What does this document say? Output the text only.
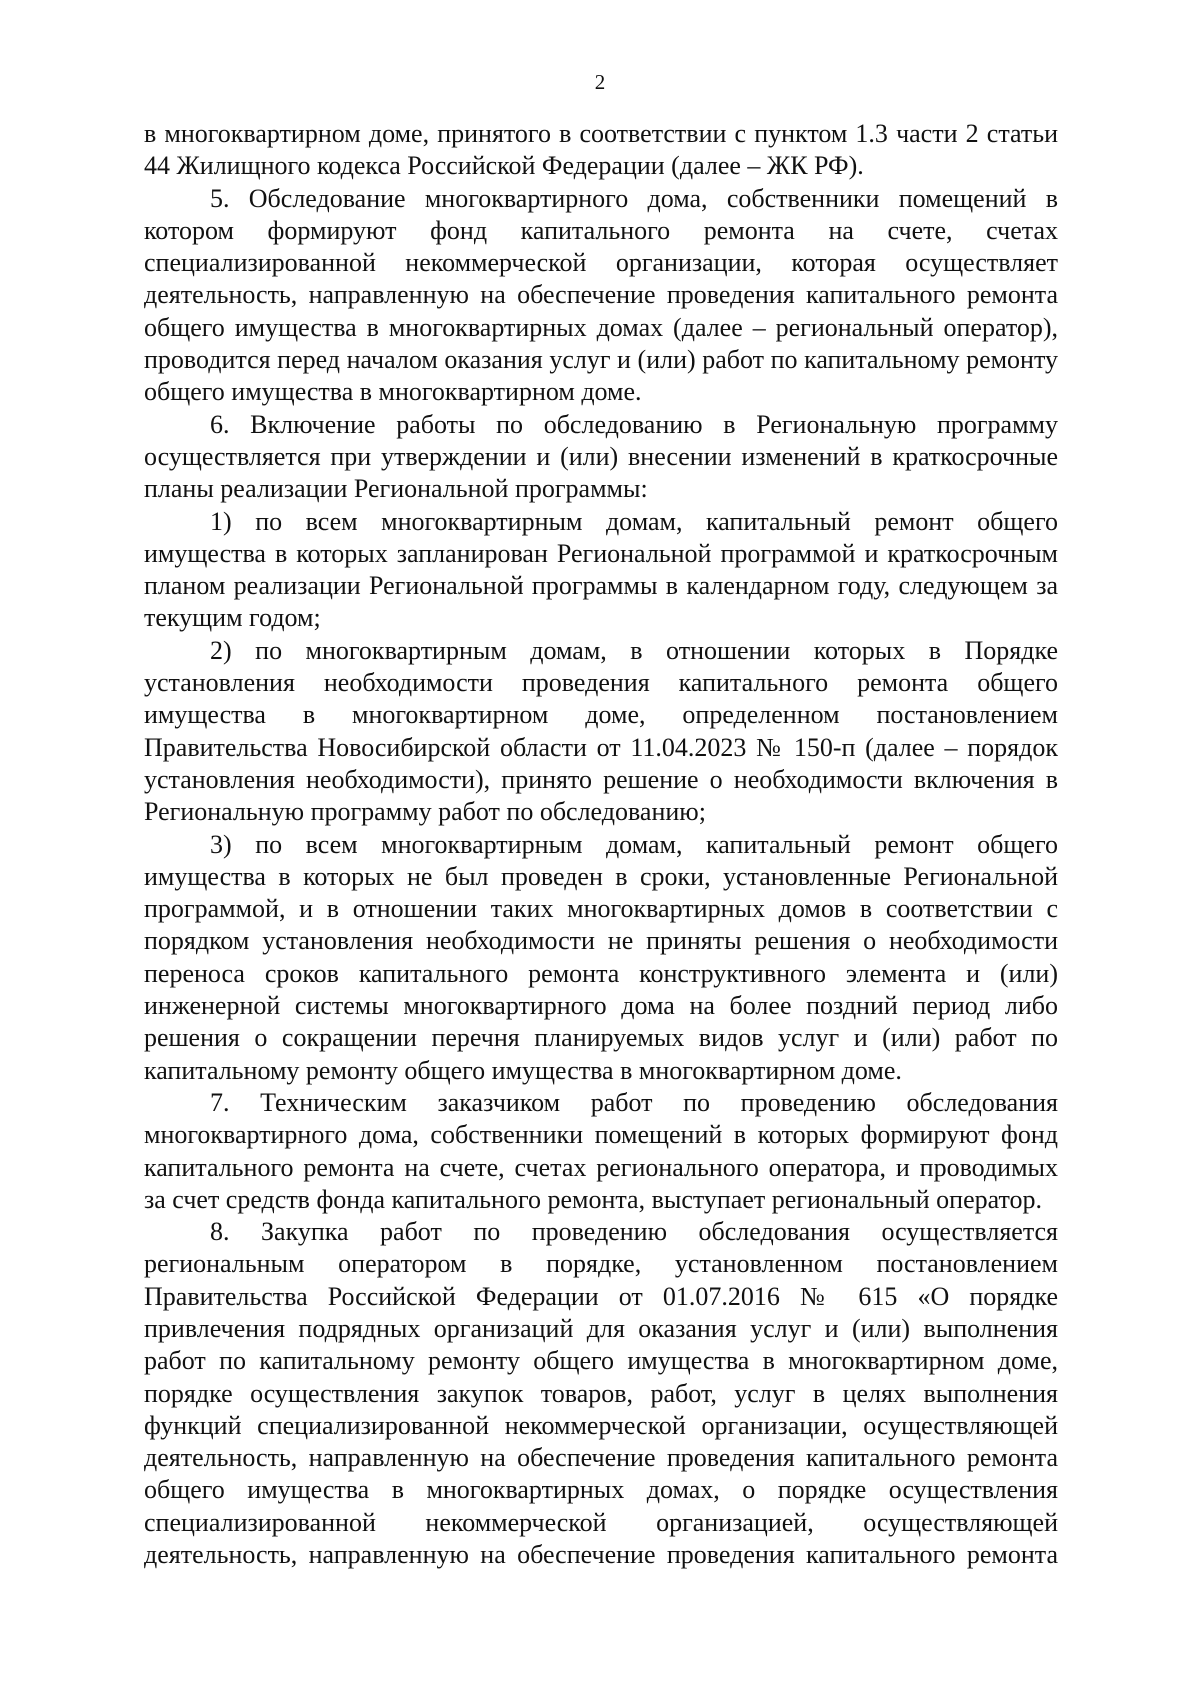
2

в многоквартирном доме, принятого в соответствии с пунктом 1.3 части 2 статьи 44 Жилищного кодекса Российской Федерации (далее – ЖК РФ).

5. Обследование многоквартирного дома, собственники помещений в котором формируют фонд капитального ремонта на счете, счетах специализированной некоммерческой организации, которая осуществляет деятельность, направленную на обеспечение проведения капитального ремонта общего имущества в многоквартирных домах (далее – региональный оператор), проводится перед началом оказания услуг и (или) работ по капитальному ремонту общего имущества в многоквартирном доме.

6. Включение работы по обследованию в Региональную программу осуществляется при утверждении и (или) внесении изменений в краткосрочные планы реализации Региональной программы:

1) по всем многоквартирным домам, капитальный ремонт общего имущества в которых запланирован Региональной программой и краткосрочным планом реализации Региональной программы в календарном году, следующем за текущим годом;

2) по многоквартирным домам, в отношении которых в Порядке установления необходимости проведения капитального ремонта общего имущества в многоквартирном доме, определенном постановлением Правительства Новосибирской области от 11.04.2023 № 150-п (далее – порядок установления необходимости), принято решение о необходимости включения в Региональную программу работ по обследованию;

3) по всем многоквартирным домам, капитальный ремонт общего имущества в которых не был проведен в сроки, установленные Региональной программой, и в отношении таких многоквартирных домов в соответствии с порядком установления необходимости не приняты решения о необходимости переноса сроков капитального ремонта конструктивного элемента и (или) инженерной системы многоквартирного дома на более поздний период либо решения о сокращении перечня планируемых видов услуг и (или) работ по капитальному ремонту общего имущества в многоквартирном доме.

7. Техническим заказчиком работ по проведению обследования многоквартирного дома, собственники помещений в которых формируют фонд капитального ремонта на счете, счетах регионального оператора, и проводимых за счет средств фонда капитального ремонта, выступает региональный оператор.

8. Закупка работ по проведению обследования осуществляется региональным оператором в порядке, установленном постановлением Правительства Российской Федерации от 01.07.2016 № 615 «О порядке привлечения подрядных организаций для оказания услуг и (или) выполнения работ по капитальному ремонту общего имущества в многоквартирном доме, порядке осуществления закупок товаров, работ, услуг в целях выполнения функций специализированной некоммерческой организации, осуществляющей деятельность, направленную на обеспечение проведения капитального ремонта общего имущества в многоквартирных домах, о порядке осуществления специализированной некоммерческой организацией, осуществляющей деятельность, направленную на обеспечение проведения капитального ремонта
